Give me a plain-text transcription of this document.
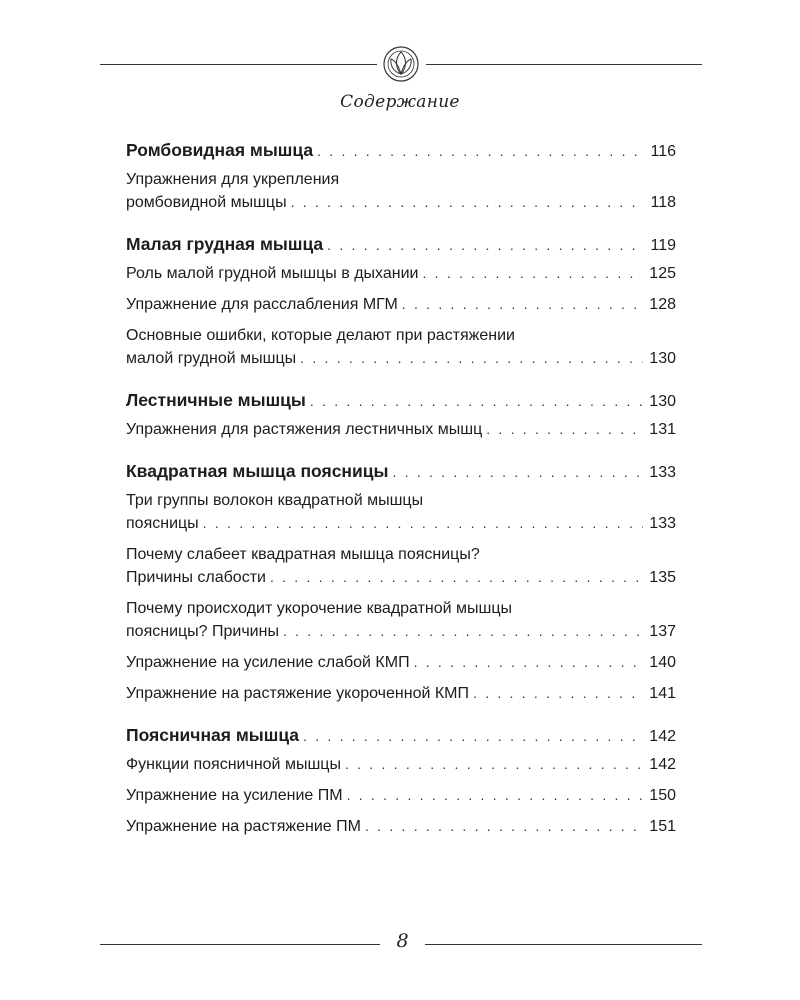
Содержание
Ромбовидная мышца . . .	116
Упражнения для укрепления
ромбовидной мышцы . . .	118
Малая грудная мышца . . .	119
Роль малой грудной мышцы в дыхании . . .	125
Упражнение для расслабления МГМ . . .	128
Основные ошибки, которые делают при растяжении
малой грудной мышцы . . .	130
Лестничные мышцы . . .	130
Упражнения для растяжения лестничных мышц . . .	131
Квадратная мышца поясницы . . .	133
Три группы волокон квадратной мышцы
поясницы . . .	133
Почему слабеет квадратная мышца поясницы?
Причины слабости . . .	135
Почему происходит укорочение квадратной мышцы
поясницы? Причины . . .	137
Упражнение на усиление слабой КМП . . .	140
Упражнение на растяжение укороченной КМП . . .	141
Поясничная мышца . . .	142
Функции поясничной мышцы . . .	142
Упражнение на усиление ПМ . . .	150
Упражнение на растяжение ПМ . . .	151
8
